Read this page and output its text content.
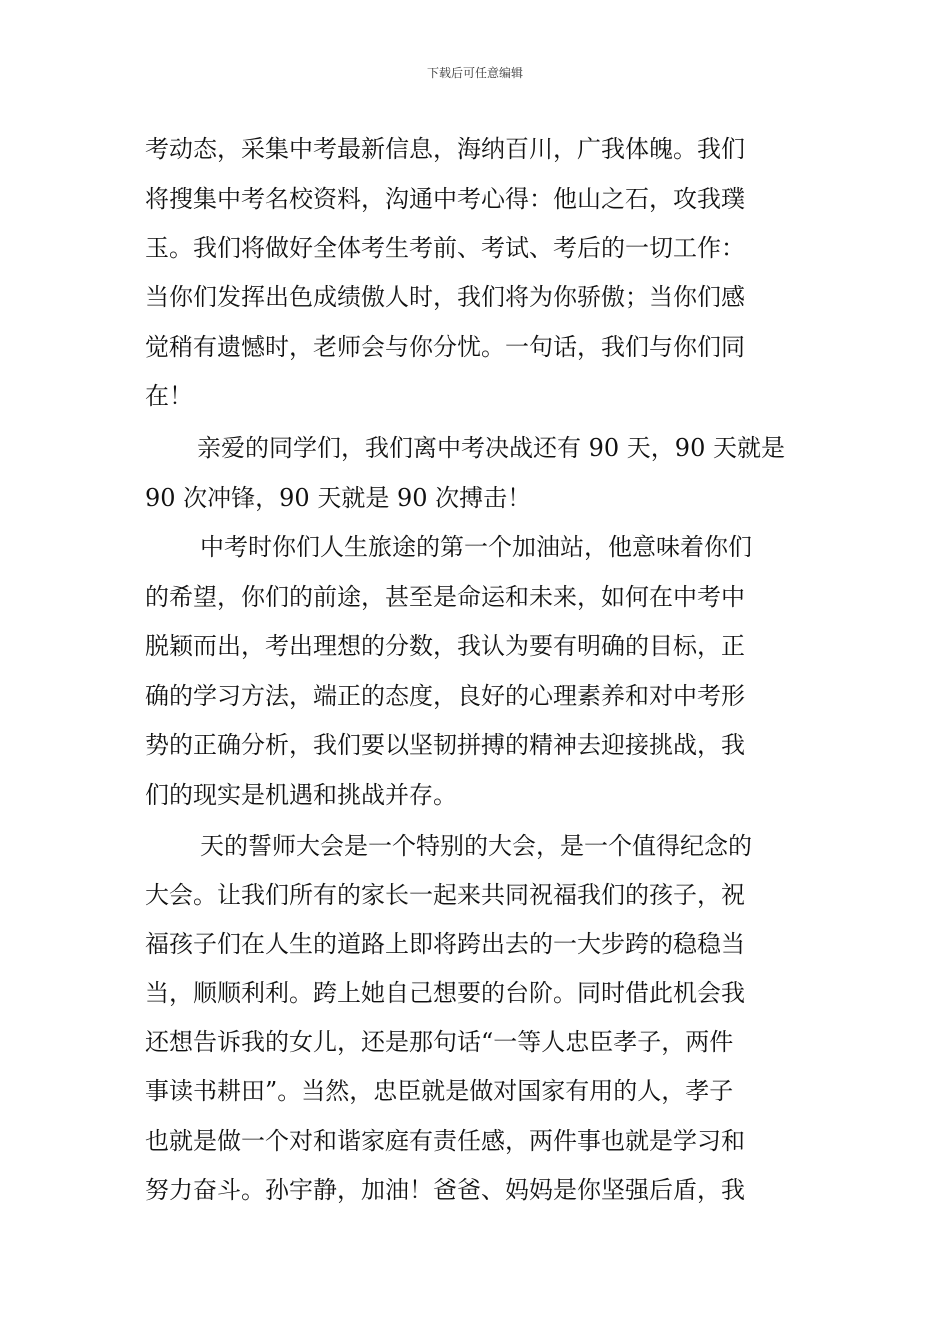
下载后可任意编辑
考动态，采集中考最新信息，海纳百川，广我体魄。我们
将搜集中考名校资料，沟通中考心得：他山之石，攻我璞
玉。我们将做好全体考生考前、考试、考后的一切工作：
当你们发挥出色成绩傲人时，我们将为你骄傲；当你们感
觉稍有遗憾时，老师会与你分忧。一句话，我们与你们同
在！
亲爱的同学们，我们离中考决战还有 90 天，90 天就是
90 次冲锋，90 天就是 90 次搏击！
中考时你们人生旅途的第一个加油站，他意味着你们
的希望，你们的前途，甚至是命运和未来，如何在中考中
脱颖而出，考出理想的分数，我认为要有明确的目标，正
确的学习方法，端正的态度，良好的心理素养和对中考形
势的正确分析，我们要以坚韧拼搏的精神去迎接挑战，我
们的现实是机遇和挑战并存。
天的誓师大会是一个特别的大会，是一个值得纪念的
大会。让我们所有的家长一起来共同祝福我们的孩子，祝
福孩子们在人生的道路上即将跨出去的一大步跨的稳稳当
当，顺顺利利。跨上她自己想要的台阶。同时借此机会我
还想告诉我的女儿，还是那句话“一等人忠臣孝子，两件
事读书耕田”。当然，忠臣就是做对国家有用的人，孝子
也就是做一个对和谐家庭有责任感，两件事也就是学习和
努力奋斗。孙宇静，加油！爸爸、妈妈是你坚强后盾，我
